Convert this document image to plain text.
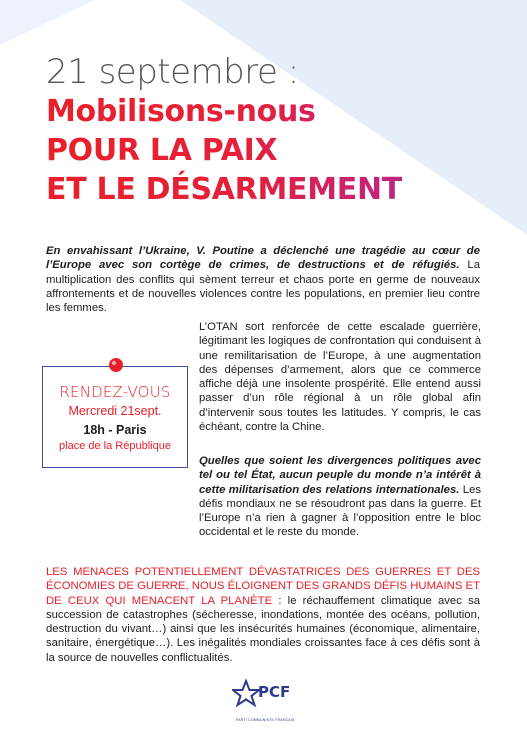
21 septembre :
Mobilisons-nous
POUR LA PAIX
ET LE DÉSARMEMENT
En envahissant l’Ukraine, V. Poutine a déclenché une tragédie au cœur de l’Europe avec son cortège de crimes, de destructions et de réfugiés. La multiplication des conflits qui sèment terreur et chaos porte en germe de nouveaux affrontements et de nouvelles violences contre les populations, en premier lieu contre les femmes.
RENDEZ-VOUS
Mercredi 21sept.
18h - Paris
place de la République
L’OTAN sort renforcée de cette escalade guerrière, légitimant les logiques de confrontation qui conduisent à une remilitarisation de l’Europe, à une augmentation des dépenses d’armement, alors que ce commerce affiche déjà une insolente prospérité. Elle entend aussi passer d’un rôle régional à un rôle global afin d’intervenir sous toutes les latitudes. Y compris, le cas échéant, contre la Chine.
Quelles que soient les divergences politiques avec tel ou tel État, aucun peuple du monde n’a intérêt à cette militarisation des relations internationales. Les défis mondiaux ne se résoudront pas dans la guerre. Et l’Europe n’a rien à gagner à l’opposition entre le bloc occidental et le reste du monde.
LES MENACES POTENTIELLEMENT DÉVASTATRICES DES GUERRES ET DES ÉCONOMIES DE GUERRE, NOUS ÉLOIGNENT DES GRANDS DÉFIS HUMAINS ET DE CEUX QUI MENACENT LA PLANÈTE : le réchauffement climatique avec sa succession de catastrophes (sécheresse, inondations, montée des océans, pollution, destruction du vivant…) ainsi que les insécurités humaines (économique, alimentaire, sanitaire, énergétique…). Les inégalités mondiales croissantes face à ces défis sont à la source de nouvelles conflictualités.
PCF
PARTI COMMUNISTE FRANÇAIS
